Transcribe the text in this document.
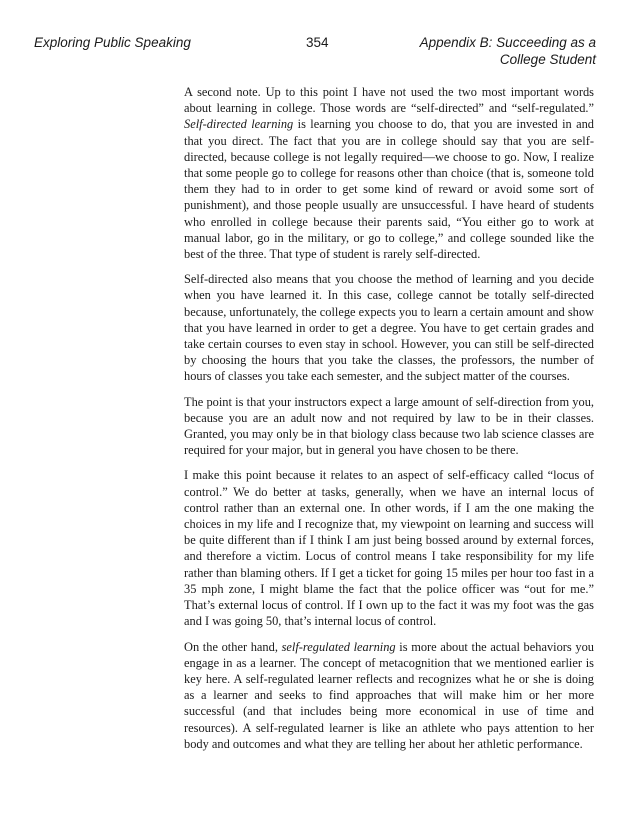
Exploring Public Speaking	354	Appendix B: Succeeding as a
College Student

A second note. Up to this point I have not used the two most important words about learning in college. Those words are “self-directed” and “self-regulated.” Self-directed learning is learning you choose to do, that you are invested in and that you direct. The fact that you are in college should say that you are self-directed, because college is not legally required—we choose to go. Now, I realize that some people go to college for reasons other than choice (that is, someone told them they had to in order to get some kind of reward or avoid some sort of punishment), and those people usually are unsuccessful. I have heard of students who enrolled in college because their parents said, “You either go to work at manual labor, go in the military, or go to college,” and college sounded like the best of the three. That type of student is rarely self-directed.

Self-directed also means that you choose the method of learning and you decide when you have learned it. In this case, college cannot be totally self-directed because, unfortunately, the college expects you to learn a certain amount and show that you have learned in order to get a degree. You have to get certain grades and take certain courses to even stay in school. However, you can still be self-directed by choosing the hours that you take the classes, the professors, the number of hours of classes you take each semester, and the subject matter of the courses.

The point is that your instructors expect a large amount of self-direction from you, because you are an adult now and not required by law to be in their classes. Granted, you may only be in that biology class because two lab science classes are required for your major, but in general you have chosen to be there.

I make this point because it relates to an aspect of self-efficacy called “locus of control.” We do better at tasks, generally, when we have an internal locus of control rather than an external one. In other words, if I am the one making the choices in my life and I recognize that, my viewpoint on learning and success will be quite different than if I think I am just being bossed around by external forces, and therefore a victim. Locus of control means I take responsibility for my life rather than blaming others. If I get a ticket for going 15 miles per hour too fast in a 35 mph zone, I might blame the fact that the police officer was “out for me.” That’s external locus of control. If I own up to the fact it was my foot was the gas and I was going 50, that’s internal locus of control.

On the other hand, self-regulated learning is more about the actual behaviors you engage in as a learner. The concept of metacognition that we mentioned earlier is key here. A self-regulated learner reflects and recognizes what he or she is doing as a learner and seeks to find approaches that will make him or her more successful (and that includes being more economical in use of time and resources). A self-regulated learner is like an athlete who pays attention to her body and outcomes and what they are telling her about her athletic performance.
